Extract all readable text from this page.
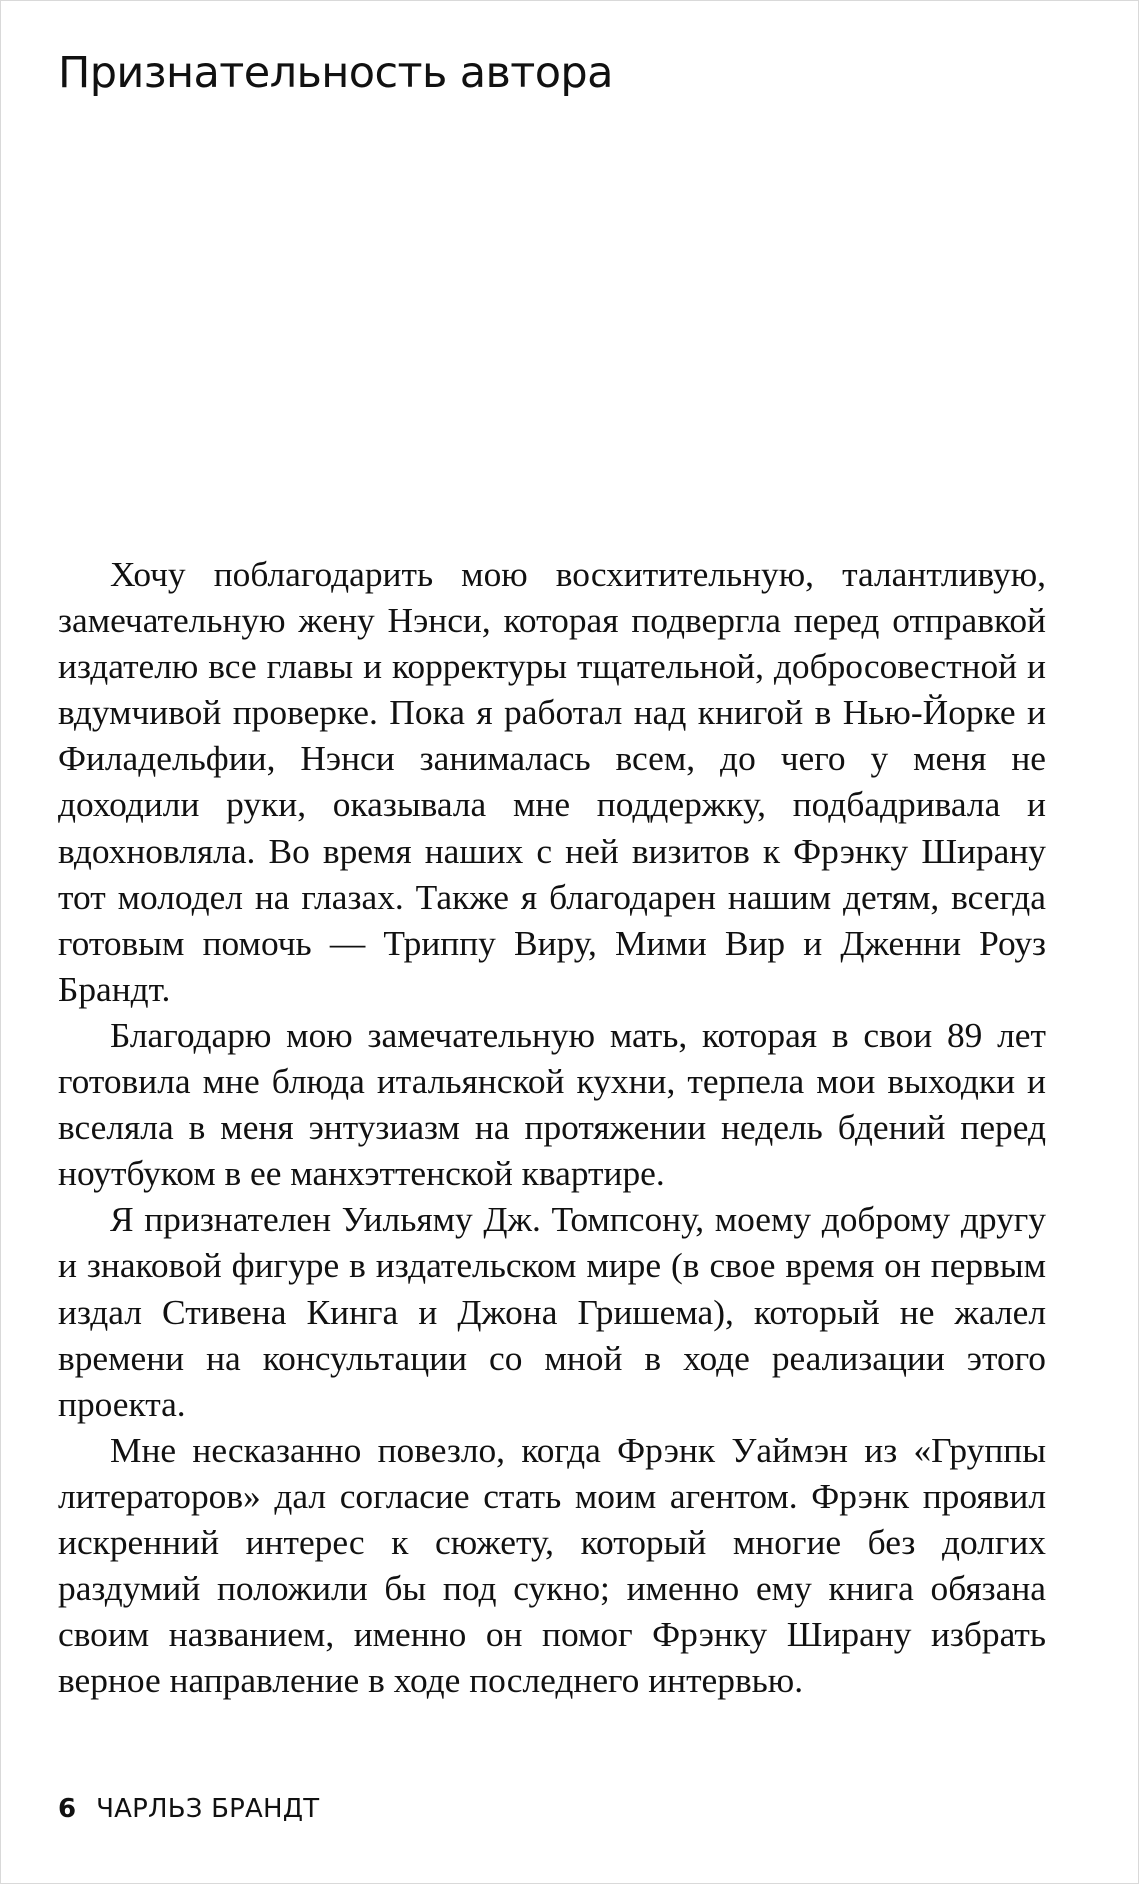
Признательность автора

Хочу поблагодарить мою восхитительную, талантливую, замечательную жену Нэнси, которая подвергла перед отправкой издателю все главы и корректуры тщательной, добросовестной и вдумчивой проверке. Пока я работал над книгой в Нью-Йорке и Филадельфии, Нэнси занималась всем, до чего у меня не доходили руки, оказывала мне поддержку, подбадривала и вдохновляла. Во время наших с ней визитов к Фрэнку Ширану тот молодел на глазах. Также я благодарен нашим детям, всегда готовым помочь — Триппу Виру, Мими Вир и Дженни Роуз Брандт.

Благодарю мою замечательную мать, которая в свои 89 лет готовила мне блюда итальянской кухни, терпела мои выходки и вселяла в меня энтузиазм на протяжении недель бдений перед ноутбуком в ее манхэттенской квартире.

Я признателен Уильяму Дж. Томпсону, моему доброму другу и знаковой фигуре в издательском мире (в свое время он первым издал Стивена Кинга и Джона Гришема), который не жалел времени на консультации со мной в ходе реализации этого проекта.

Мне несказанно повезло, когда Фрэнк Уаймэн из «Группы литераторов» дал согласие стать моим агентом. Фрэнк проявил искренний интерес к сюжету, который многие без долгих раздумий положили бы под сукно; именно ему книга обязана своим названием, именно он помог Фрэнку Ширану избрать верное направление в ходе последнего интервью.

6 ЧАРЛЬЗ БРАНДТ
